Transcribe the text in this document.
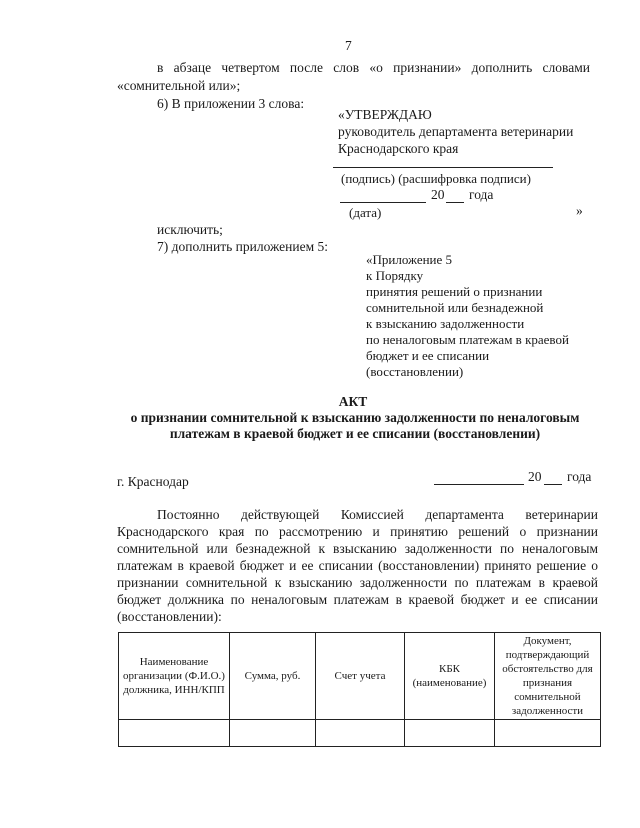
7
в абзаце четвертом после слов «о признании» дополнить словами
«сомнительной или»;
6) В приложении 3 слова:
«УТВЕРЖДАЮ
руководитель департамента ветеринарии
Краснодарского края
(подпись) (расшифровка подписи)
20 года
(дата)	»
исключить;
7) дополнить приложением 5:
«Приложение 5
к Порядку
принятия решений о признании
сомнительной или безнадежной
к взысканию задолженности
по неналоговым платежам в краевой
бюджет и ее списании
(восстановлении)
АКТ
о признании сомнительной к взысканию задолженности по неналоговым
платежам в краевой бюджет и ее списании (восстановлении)
г. Краснодар	20 года
Постоянно действующей Комиссией департамента ветеринарии
Краснодарского края по рассмотрению и принятию решений о признании
сомнительной или безнадежной к взысканию задолженности по неналоговым
платежам в краевой бюджет и ее списании (восстановлении) принято решение о
признании сомнительной к взысканию задолженности по платежам в краевой
бюджет должника по неналоговым платежам в краевой бюджет и ее списании
(восстановлении):
Наименование организации (Ф.И.О.) должника, ИНН/КПП	Сумма, руб.	Счет учета	КБК (наименование)	Документ, подтверждающий обстоятельство для признания сомнительной задолженности
